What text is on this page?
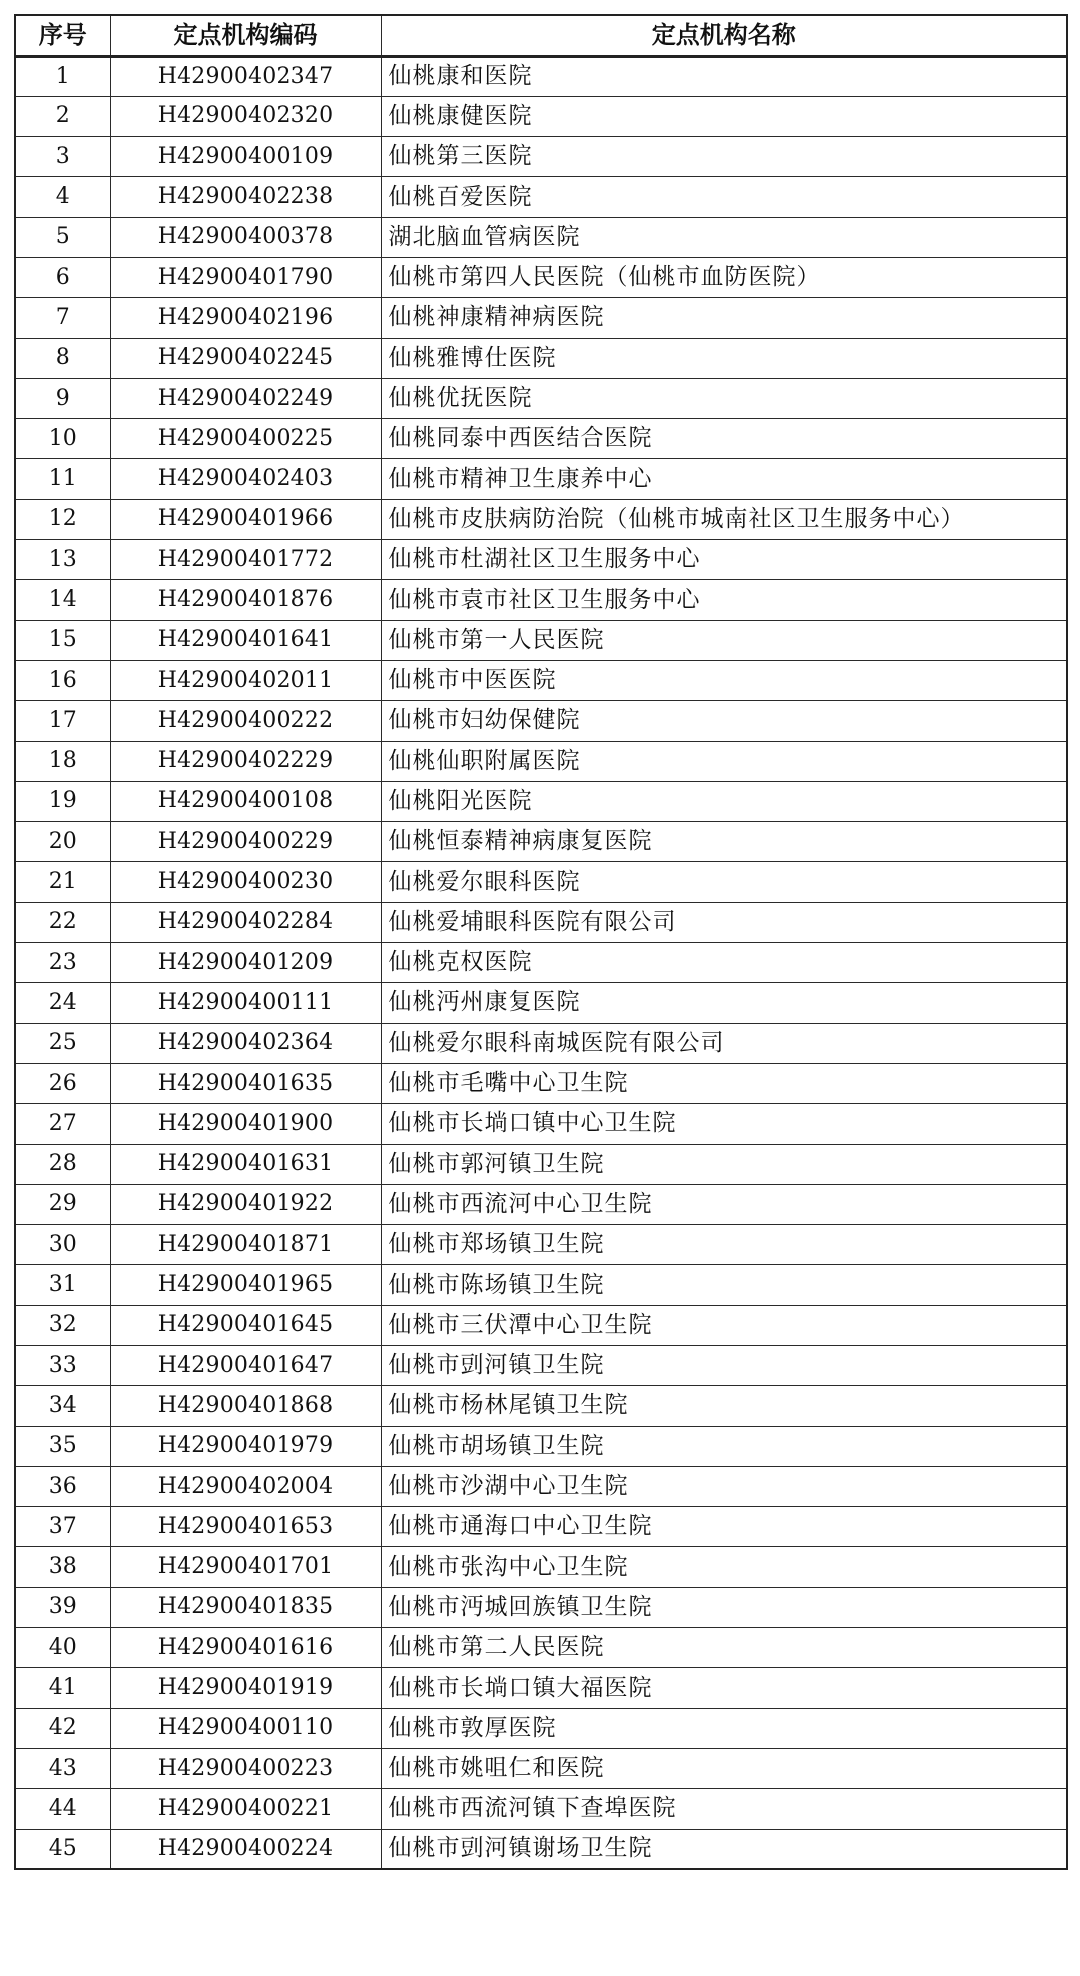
序号	定点机构编码	定点机构名称
1	H42900402347	仙桃康和医院
2	H42900402320	仙桃康健医院
3	H42900400109	仙桃第三医院
4	H42900402238	仙桃百爱医院
5	H42900400378	湖北脑血管病医院
6	H42900401790	仙桃市第四人民医院（仙桃市血防医院）
7	H42900402196	仙桃神康精神病医院
8	H42900402245	仙桃雅博仕医院
9	H42900402249	仙桃优抚医院
10	H42900400225	仙桃同泰中西医结合医院
11	H42900402403	仙桃市精神卫生康养中心
12	H42900401966	仙桃市皮肤病防治院（仙桃市城南社区卫生服务中心）
13	H42900401772	仙桃市杜湖社区卫生服务中心
14	H42900401876	仙桃市袁市社区卫生服务中心
15	H42900401641	仙桃市第一人民医院
16	H42900402011	仙桃市中医医院
17	H42900400222	仙桃市妇幼保健院
18	H42900402229	仙桃仙职附属医院
19	H42900400108	仙桃阳光医院
20	H42900400229	仙桃恒泰精神病康复医院
21	H42900400230	仙桃爱尔眼科医院
22	H42900402284	仙桃爱埔眼科医院有限公司
23	H42900401209	仙桃克权医院
24	H42900400111	仙桃沔州康复医院
25	H42900402364	仙桃爱尔眼科南城医院有限公司
26	H42900401635	仙桃市毛嘴中心卫生院
27	H42900401900	仙桃市长埫口镇中心卫生院
28	H42900401631	仙桃市郭河镇卫生院
29	H42900401922	仙桃市西流河中心卫生院
30	H42900401871	仙桃市郑场镇卫生院
31	H42900401965	仙桃市陈场镇卫生院
32	H42900401645	仙桃市三伏潭中心卫生院
33	H42900401647	仙桃市剅河镇卫生院
34	H42900401868	仙桃市杨林尾镇卫生院
35	H42900401979	仙桃市胡场镇卫生院
36	H42900402004	仙桃市沙湖中心卫生院
37	H42900401653	仙桃市通海口中心卫生院
38	H42900401701	仙桃市张沟中心卫生院
39	H42900401835	仙桃市沔城回族镇卫生院
40	H42900401616	仙桃市第二人民医院
41	H42900401919	仙桃市长埫口镇大福医院
42	H42900400110	仙桃市敦厚医院
43	H42900400223	仙桃市姚咀仁和医院
44	H42900400221	仙桃市西流河镇下查埠医院
45	H42900400224	仙桃市剅河镇谢场卫生院
